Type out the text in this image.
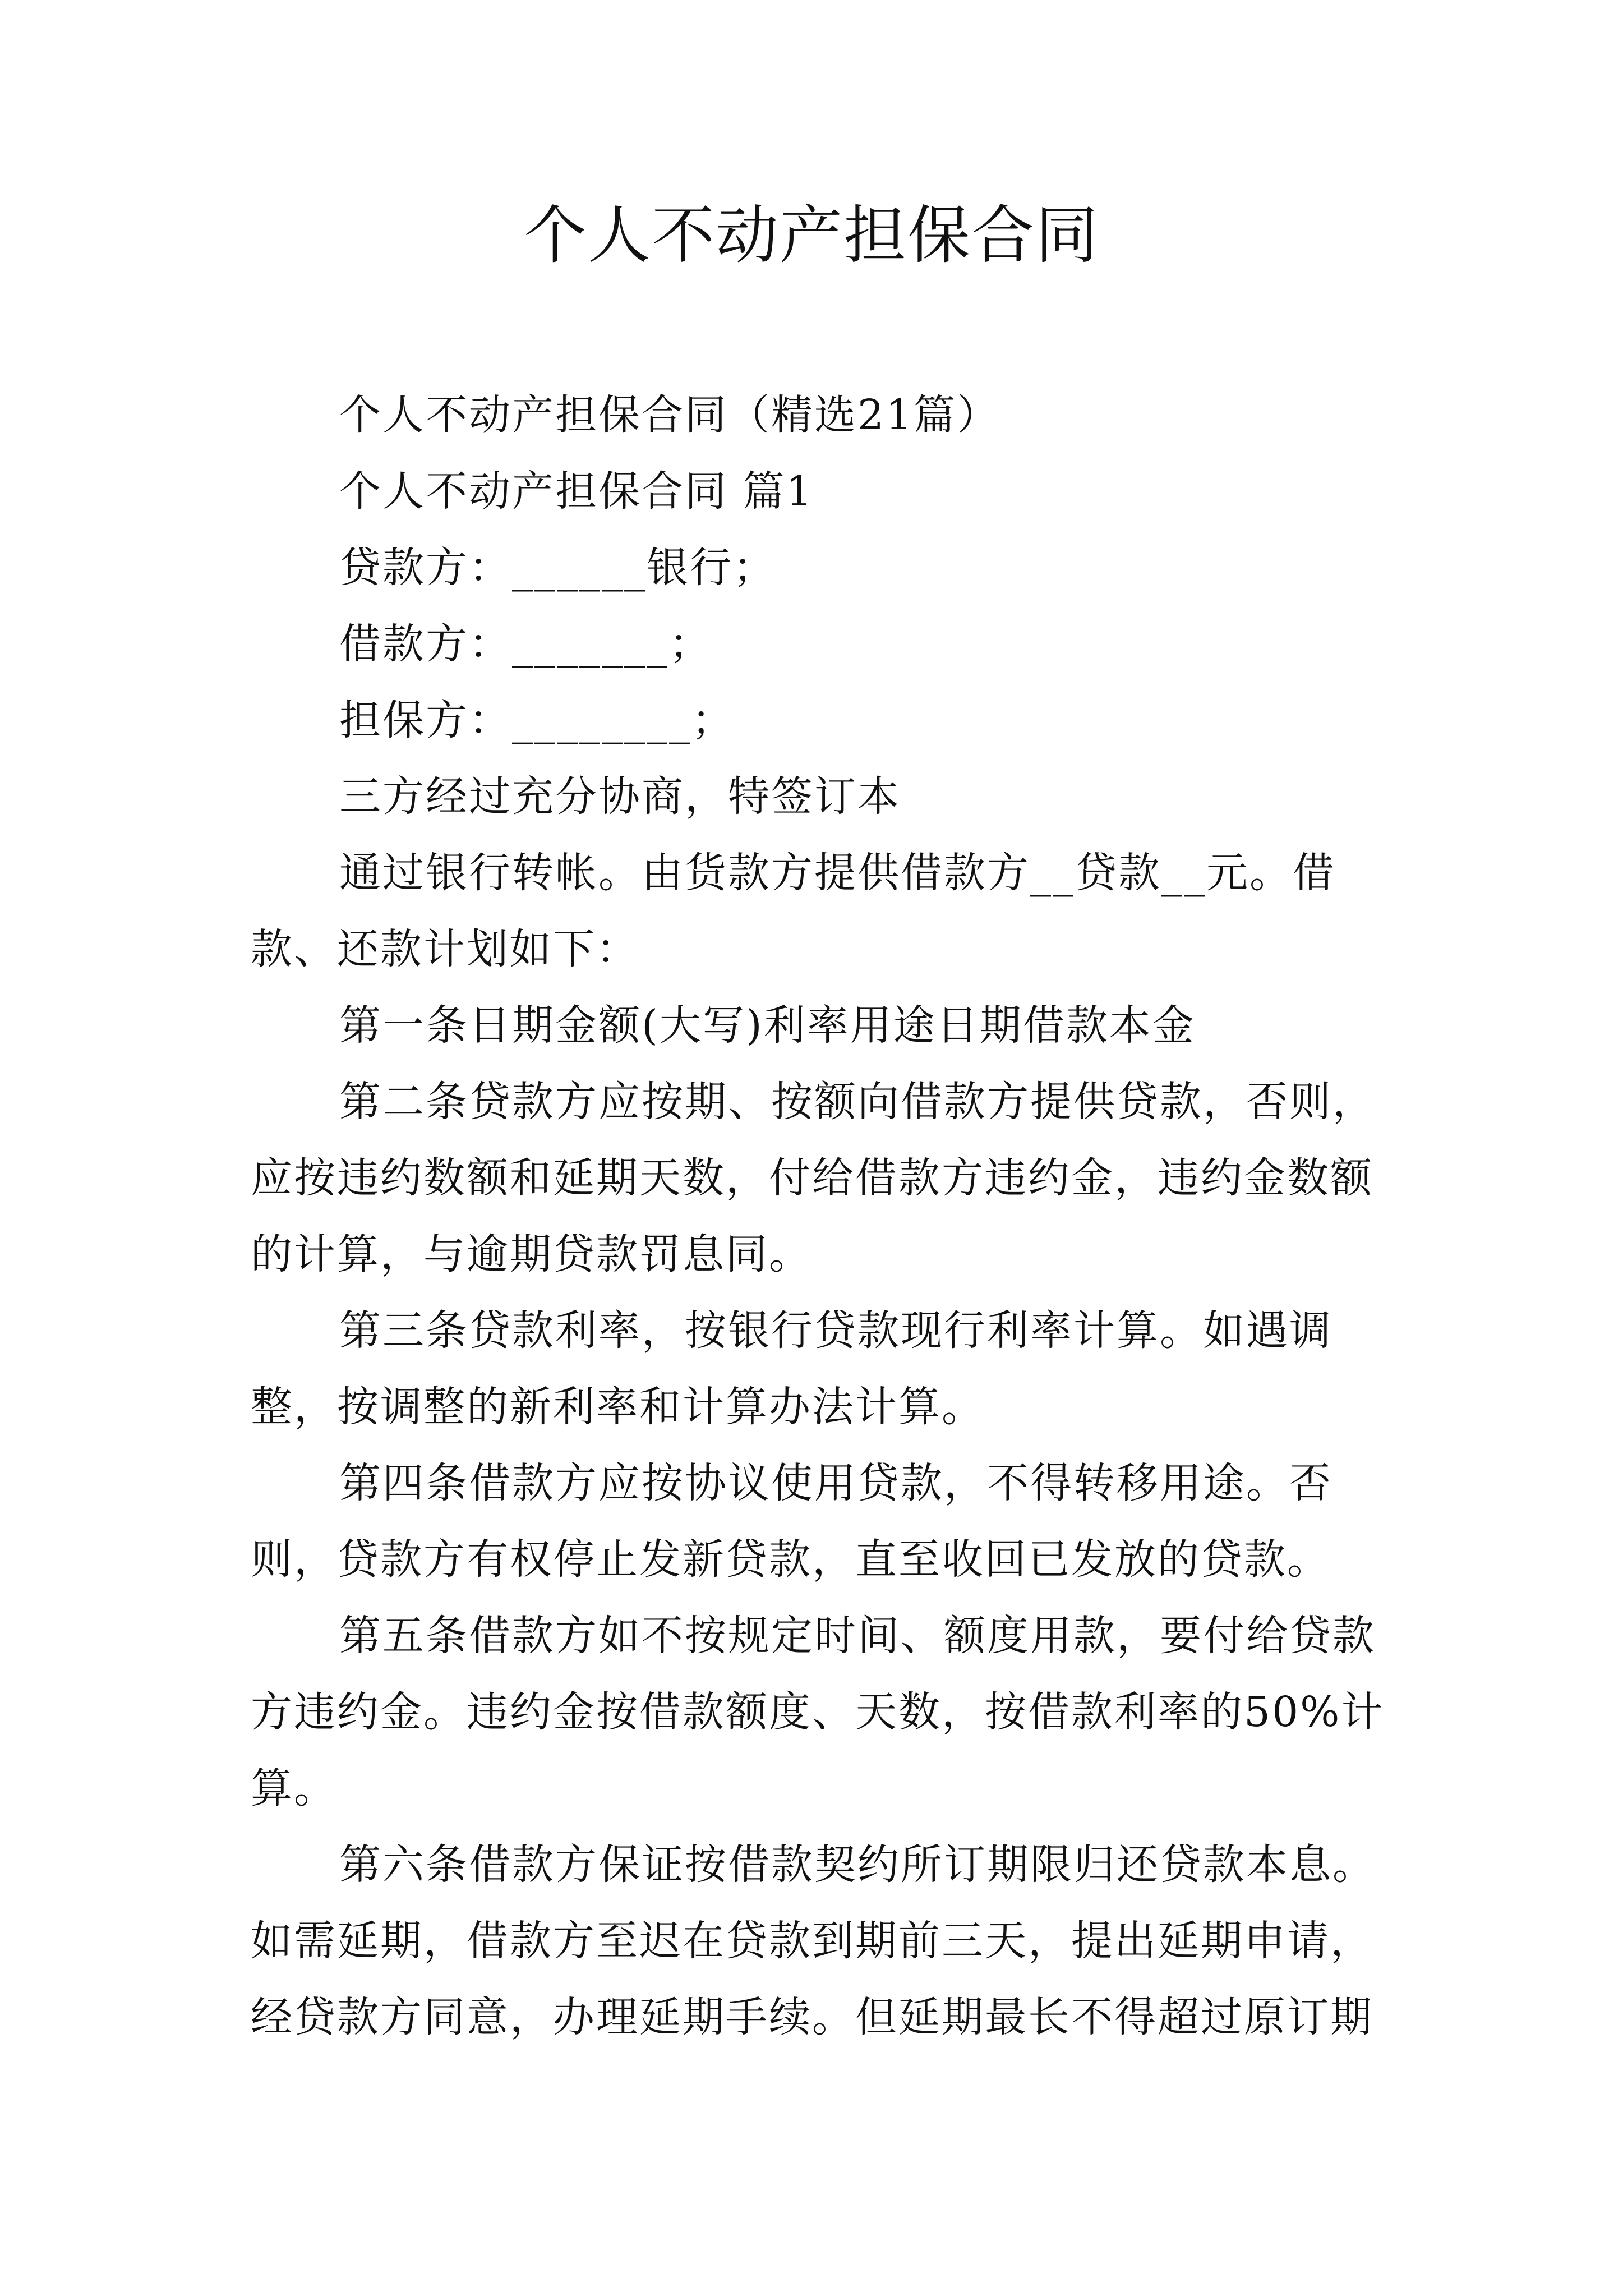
个人不动产担保合同

个人不动产担保合同（精选21篇）

个人不动产担保合同 篇1

贷款方：______银行；

借款方：_______；

担保方：________；

三方经过充分协商，特签订本

通过银行转帐。由货款方提供借款方__贷款__元。借款、还款计划如下：

第一条日期金额(大写)利率用途日期借款本金

第二条贷款方应按期、按额向借款方提供贷款，否则，应按违约数额和延期天数，付给借款方违约金，违约金数额的计算，与逾期贷款罚息同。

第三条贷款利率，按银行贷款现行利率计算。如遇调整，按调整的新利率和计算办法计算。

第四条借款方应按协议使用贷款，不得转移用途。否则，贷款方有权停止发新贷款，直至收回已发放的贷款。

第五条借款方如不按规定时间、额度用款，要付给贷款方违约金。违约金按借款额度、天数，按借款利率的50%计算。

第六条借款方保证按借款契约所订期限归还贷款本息。如需延期，借款方至迟在贷款到期前三天，提出延期申请，经贷款方同意，办理延期手续。但延期最长不得超过原订期
